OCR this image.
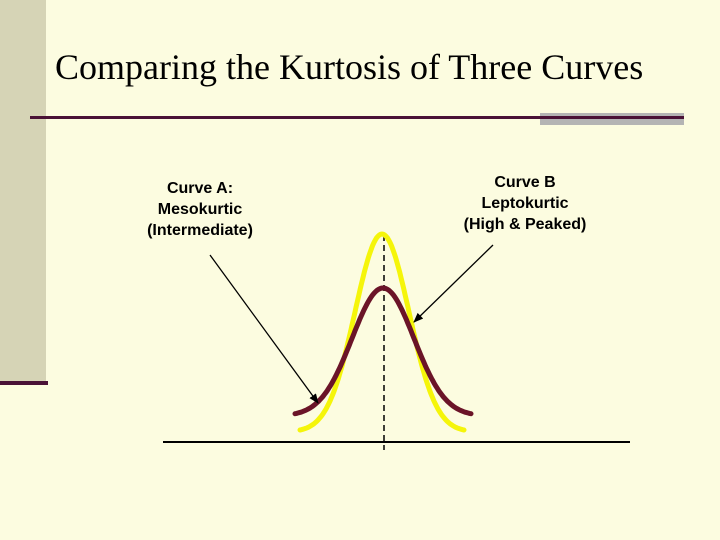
Comparing the Kurtosis of Three Curves
Curve A:
Mesokurtic
(Intermediate)
Curve B
Leptokurtic
(High & Peaked)
